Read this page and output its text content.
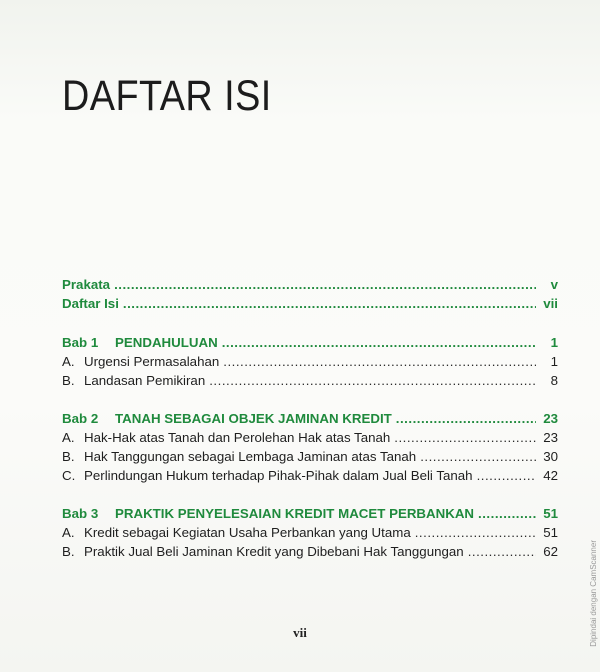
DAFTAR ISI
Prakata .....	v
Daftar Isi .....	vii
Bab 1 PENDAHULUAN .....	1
A. Urgensi Permasalahan .....	1
B. Landasan Pemikiran .....	8
Bab 2 TANAH SEBAGAI OBJEK JAMINAN KREDIT .....	23
A. Hak-Hak atas Tanah dan Perolehan Hak atas Tanah .....	23
B. Hak Tanggungan sebagai Lembaga Jaminan atas Tanah .....	30
C. Perlindungan Hukum terhadap Pihak-Pihak dalam Jual Beli Tanah .....	42
Bab 3 PRAKTIK PENYELESAIAN KREDIT MACET PERBANKAN .....	51
A. Kredit sebagai Kegiatan Usaha Perbankan yang Utama .....	51
B. Praktik Jual Beli Jaminan Kredit yang Dibebani Hak Tanggungan .....	62
vii	Dipindai dengan CamScanner
